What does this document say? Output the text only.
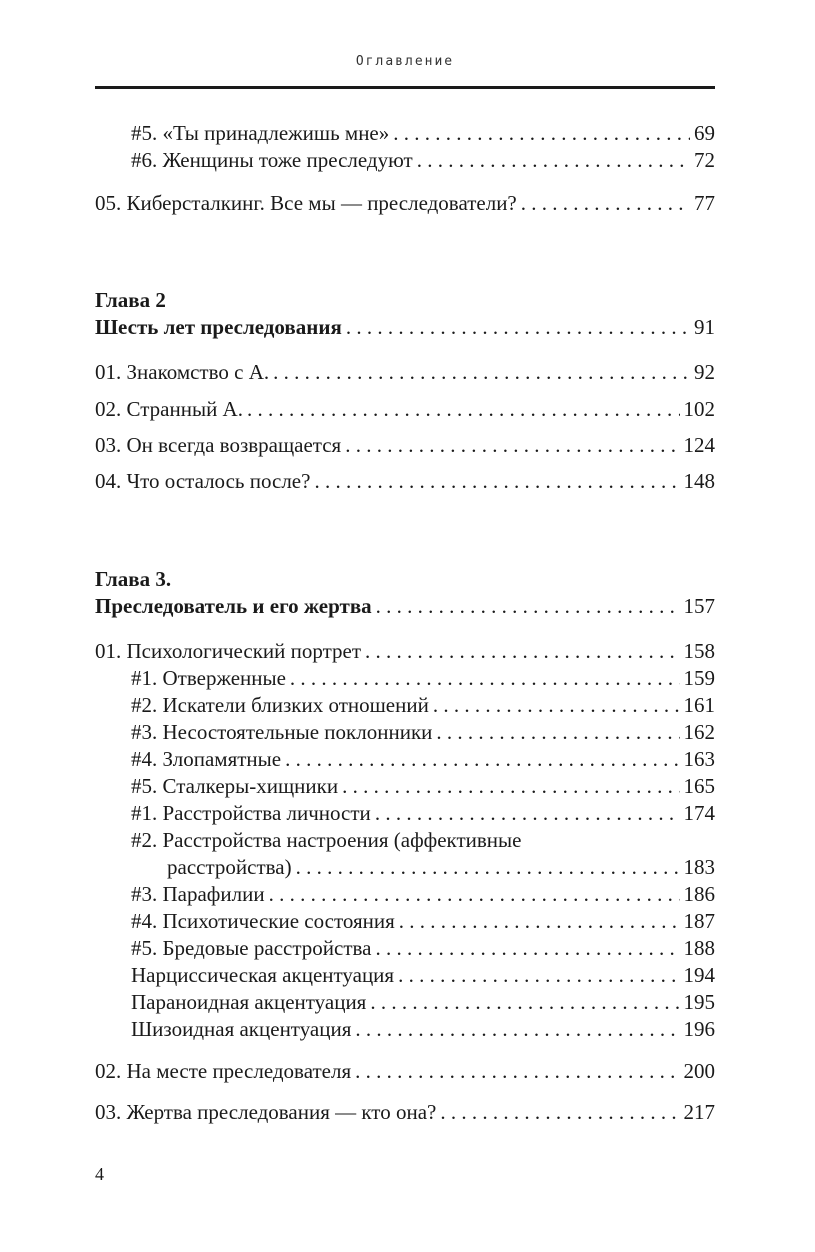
Оглавление
#5. «Ты принадлежишь мне» . . .	69
#6. Женщины тоже преследуют . . .	72
05. Киберсталкинг. Все мы — преследователи? . . .	77
Глава 2
Шесть лет преследования . . .	91
01. Знакомство с А. . . .	92
02. Странный А. . . .	102
03. Он всегда возвращается . . .	124
04. Что осталось после? . . .	148
Глава 3.
Преследователь и его жертва . . .	157
01. Психологический портрет . . .	158
#1. Отверженные . . .	159
#2. Искатели близких отношений . . .	161
#3. Несостоятельные поклонники . . .	162
#4. Злопамятные . . .	163
#5. Сталкеры-хищники . . .	165
#1. Расстройства личности . . .	174
#2. Расстройства настроения (аффективные
расстройства) . . .	183
#3. Парафилии . . .	186
#4. Психотические состояния . . .	187
#5. Бредовые расстройства . . .	188
Нарциссическая акцентуация . . .	194
Параноидная акцентуация . . .	195
Шизоидная акцентуация . . .	196
02. На месте преследователя . . .	200
03. Жертва преследования — кто она? . . .	217
4
